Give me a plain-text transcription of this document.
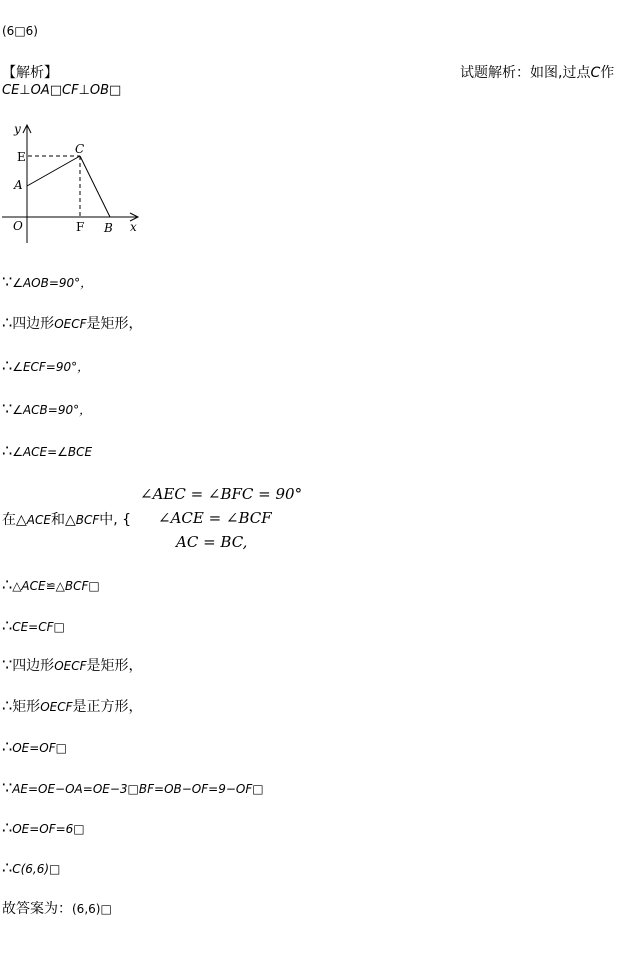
(6□6)
【解析】	试题解析：如图,过点C作
CE⊥OA□CF⊥OB□
y
E
A
O
C
F B x
∵∠AOB=90°，
∴四边形OECF是矩形，
∴∠ECF=90°，
∵∠ACB=90°，
∴∠ACE=∠BCE
在△ACE和△BCF中, {
∠AEC = ∠BFC = 90°
∠ACE = ∠BCF
AC = BC,
∴△ACE≌△BCF□
∴CE=CF□
∵四边形OECF是矩形，
∴矩形OECF是正方形，
∴OE=OF□
∵AE=OE−OA=OE−3□BF=OB−OF=9−OF□
∴OE=OF=6□
∴C(6,6)□
故答案为：(6,6)□
